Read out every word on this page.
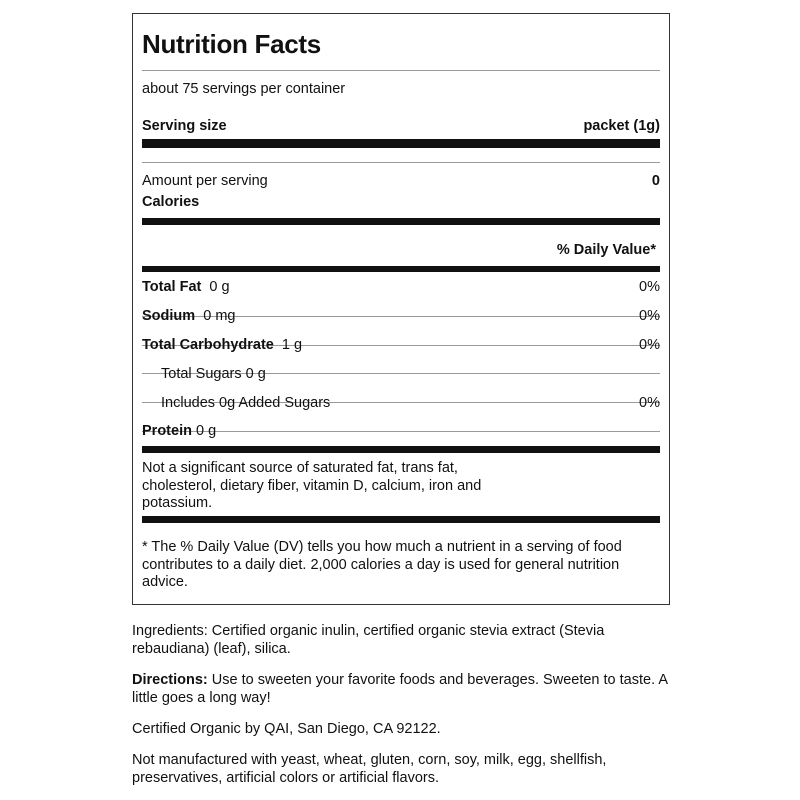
Nutrition Facts
about 75 servings per container
Serving size	packet (1g)
Amount per serving	0
Calories
% Daily Value*
Total Fat 0 g	0%
Sodium 0 mg	0%
Total Carbohydrate 1 g	0%
Total Sugars 0 g
Includes 0g Added Sugars	0%
Protein 0 g
Not a significant source of saturated fat, trans fat, cholesterol, dietary fiber, vitamin D, calcium, iron and potassium.
* The % Daily Value (DV) tells you how much a nutrient in a serving of food contributes to a daily diet. 2,000 calories a day is used for general nutrition advice.
Ingredients: Certified organic inulin, certified organic stevia extract (Stevia rebaudiana) (leaf), silica.
Directions: Use to sweeten your favorite foods and beverages. Sweeten to taste. A little goes a long way!
Certified Organic by QAI, San Diego, CA 92122.
Not manufactured with yeast, wheat, gluten, corn, soy, milk, egg, shellfish, preservatives, artificial colors or artificial flavors.
